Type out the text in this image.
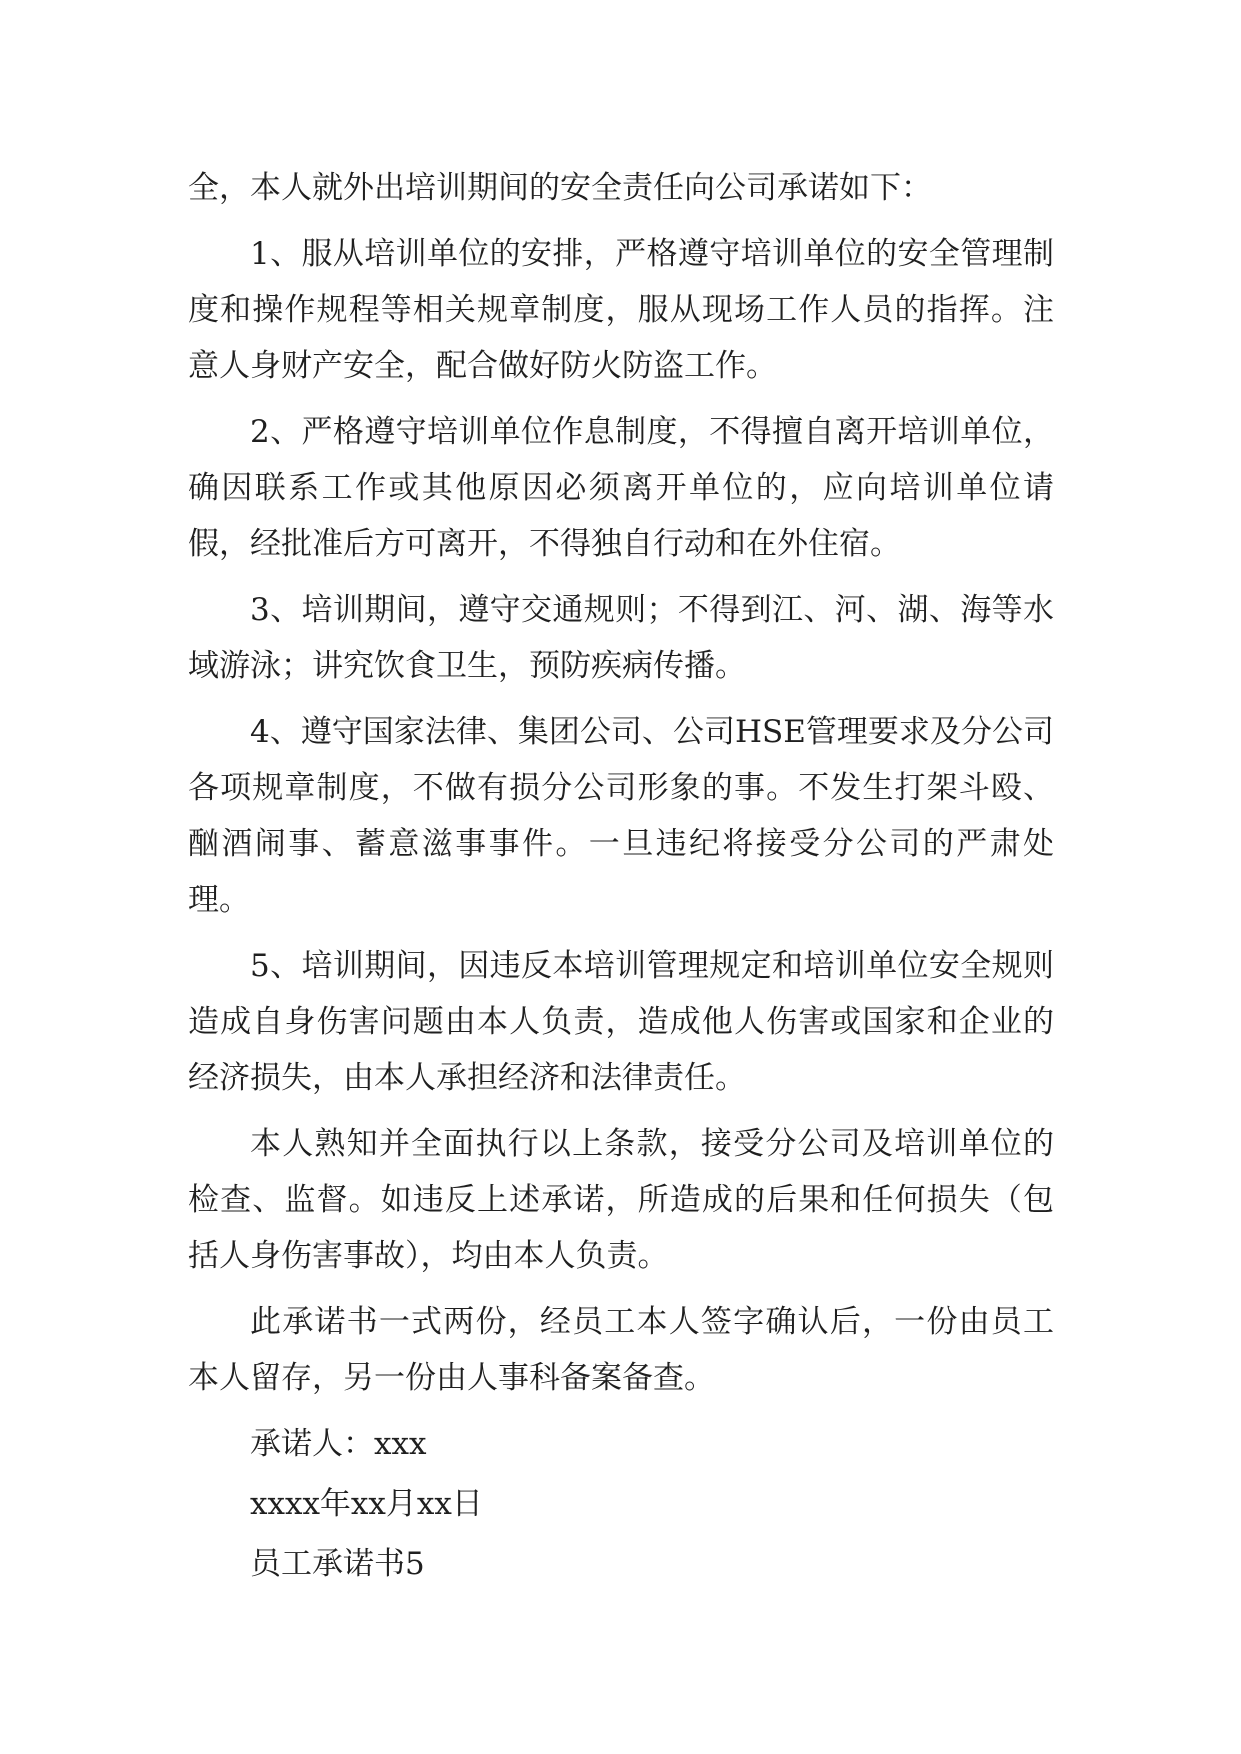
全，本人就外出培训期间的安全责任向公司承诺如下：

1、服从培训单位的安排，严格遵守培训单位的安全管理制度和操作规程等相关规章制度，服从现场工作人员的指挥。注意人身财产安全，配合做好防火防盗工作。

2、严格遵守培训单位作息制度，不得擅自离开培训单位，确因联系工作或其他原因必须离开单位的，应向培训单位请假，经批准后方可离开，不得独自行动和在外住宿。

3、培训期间，遵守交通规则；不得到江、河、湖、海等水域游泳；讲究饮食卫生，预防疾病传播。

4、遵守国家法律、集团公司、公司HSE管理要求及分公司各项规章制度，不做有损分公司形象的事。不发生打架斗殴、酗酒闹事、蓄意滋事事件。一旦违纪将接受分公司的严肃处理。

5、培训期间，因违反本培训管理规定和培训单位安全规则造成自身伤害问题由本人负责，造成他人伤害或国家和企业的经济损失，由本人承担经济和法律责任。

本人熟知并全面执行以上条款，接受分公司及培训单位的检查、监督。如违反上述承诺，所造成的后果和任何损失（包括人身伤害事故），均由本人负责。

此承诺书一式两份，经员工本人签字确认后，一份由员工本人留存，另一份由人事科备案备查。

承诺人：xxx
xxxx年xx月xx日
员工承诺书5
